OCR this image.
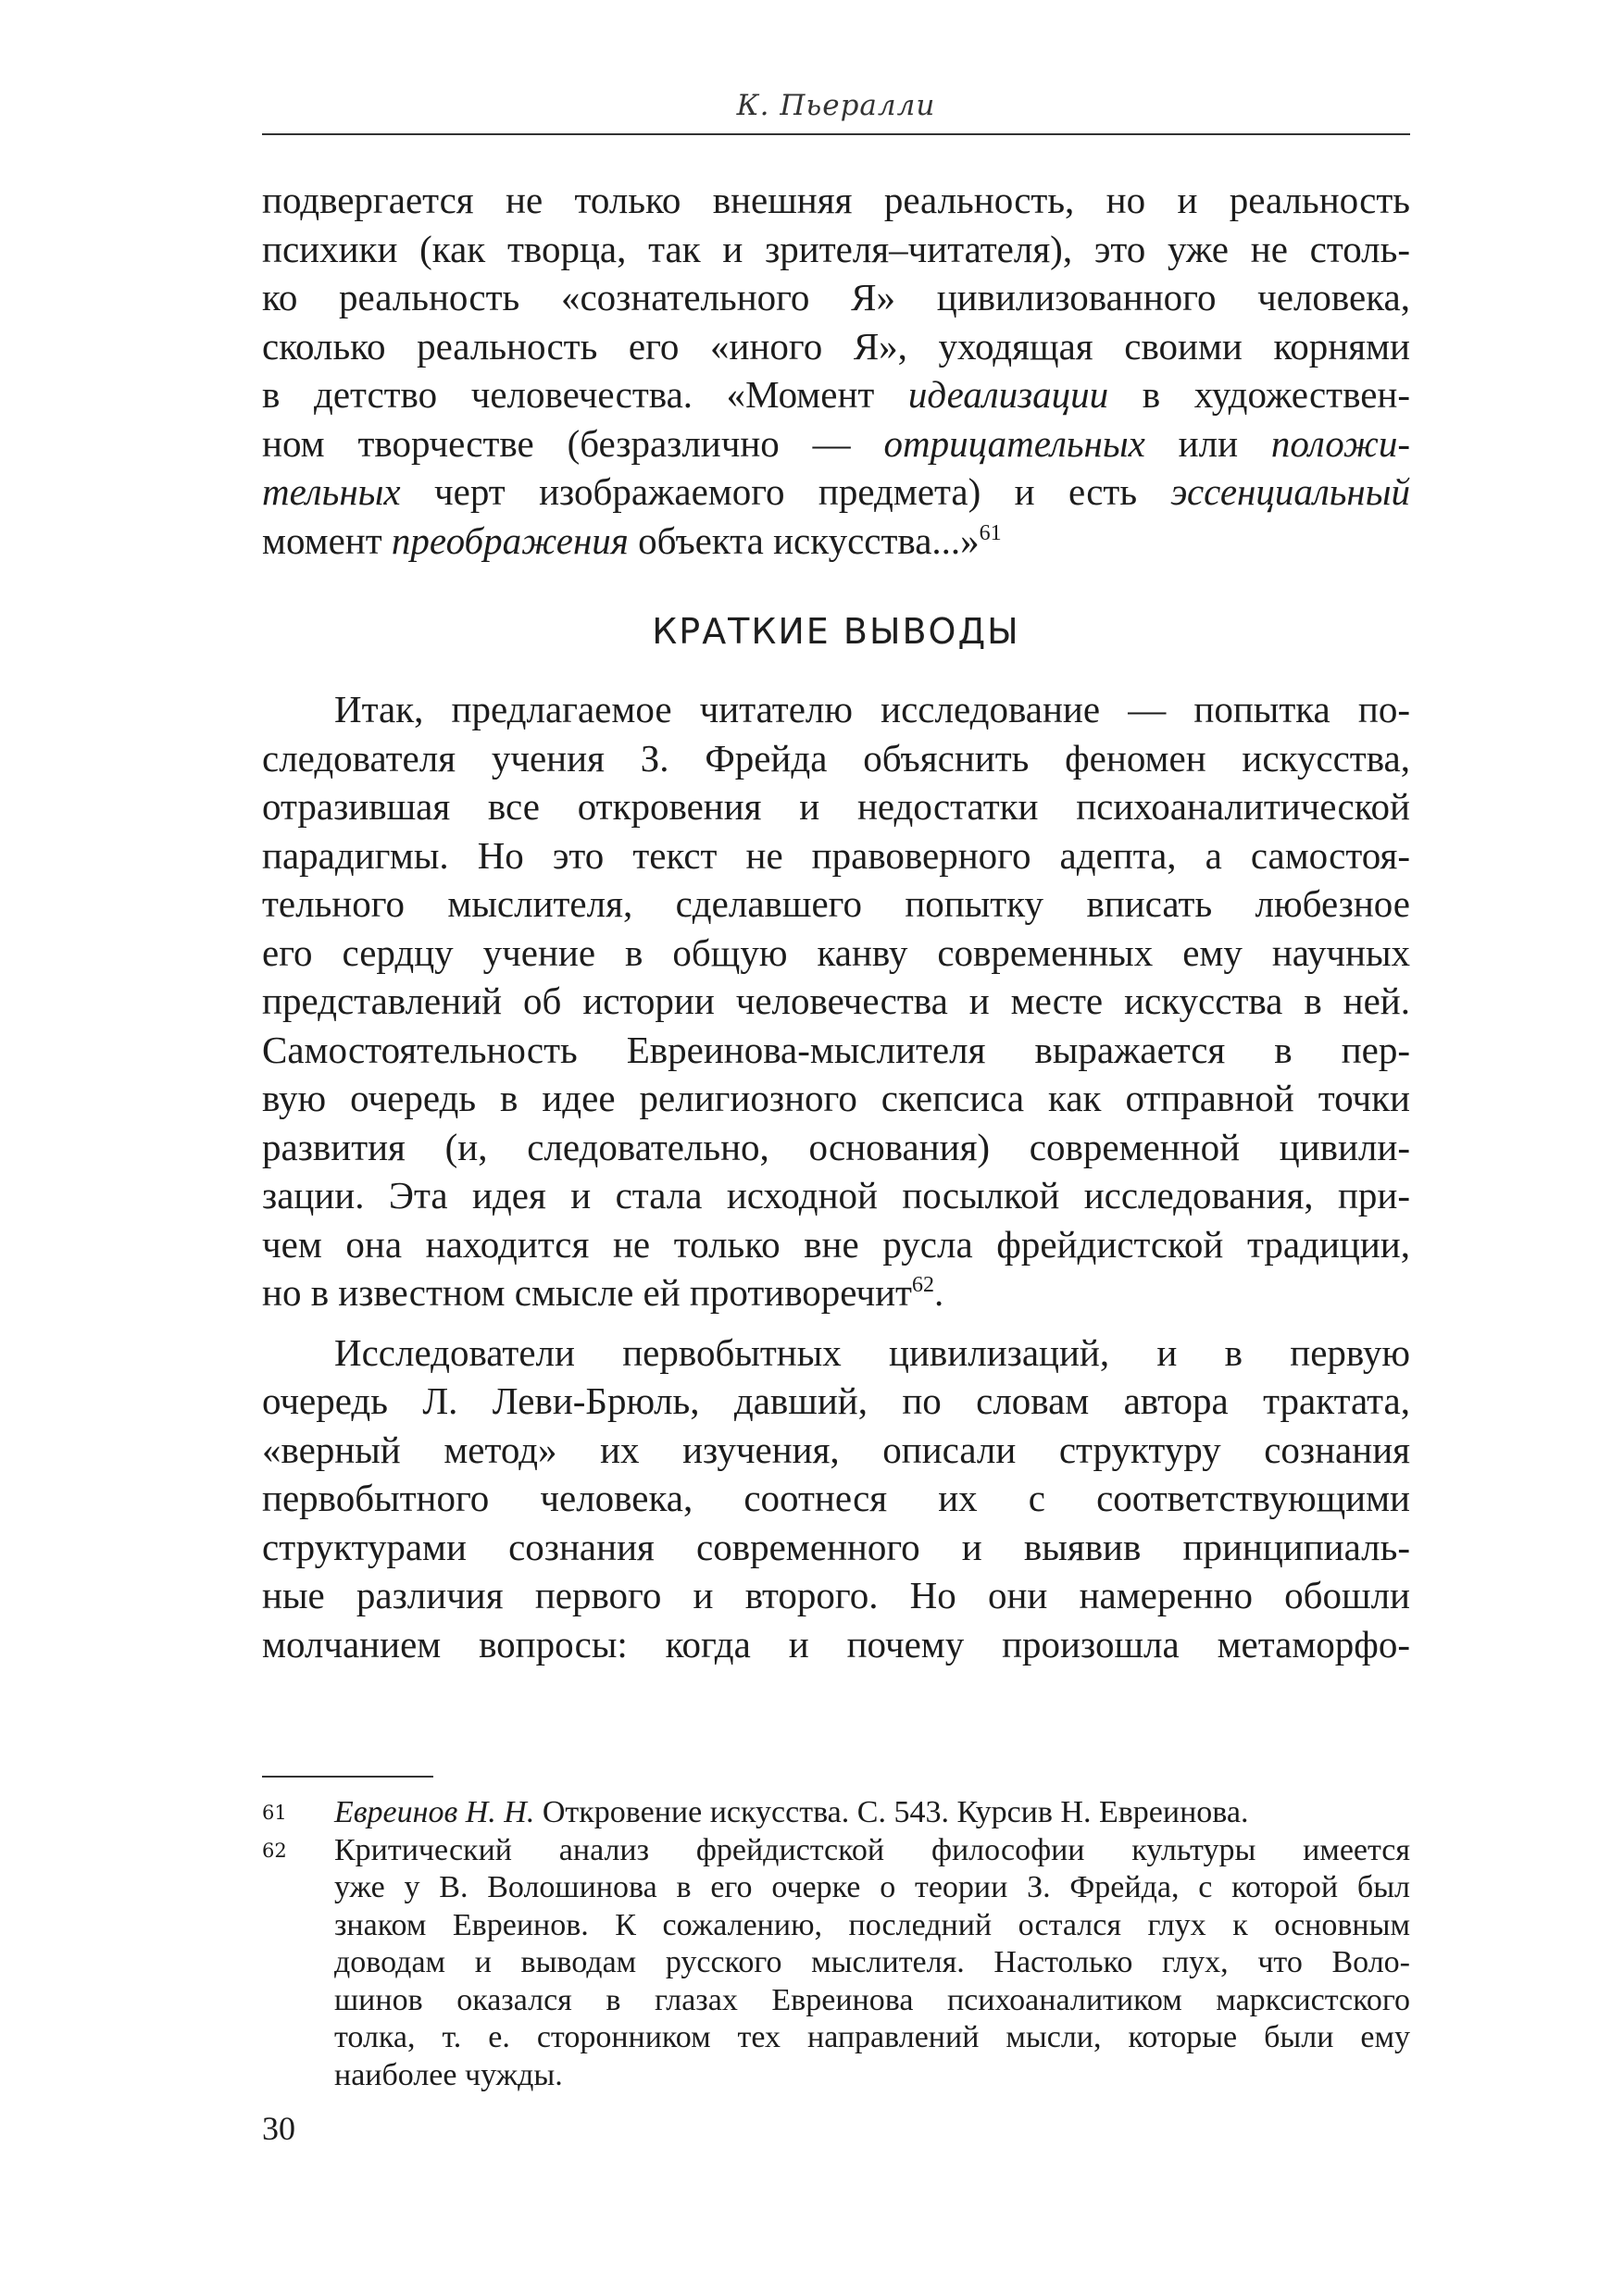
К. Пьералли
подвергается не только внешняя реальность, но и реальность
психики (как творца, так и зрителя–читателя), это уже не столь-
ко реальность «сознательного Я» цивилизованного человека,
сколько реальность его «иного Я», уходящая своими корнями
в детство человечества. «Момент идеализации в художествен-
ном творчестве (безразлично — отрицательных или положи-
тельных черт изображаемого предмета) и есть эссенциальный
момент преображения объекта искусства...»$^{61}$
КРАТКИЕ ВЫВОДЫ
Итак, предлагаемое читателю исследование — попытка по-
следователя учения З. Фрейда объяснить феномен искусства,
отразившая все откровения и недостатки психоаналитической
парадигмы. Но это текст не правоверного адепта, а самостоя-
тельного мыслителя, сделавшего попытку вписать любезное
его сердцу учение в общую канву современных ему научных
представлений об истории человечества и месте искусства в ней.
Самостоятельность Евреинова-мыслителя выражается в пер-
вую очередь в идее религиозного скепсиса как отправной точки
развития (и, следовательно, основания) современной цивили-
зации. Эта идея и стала исходной посылкой исследования, при-
чем она находится не только вне русла фрейдистской традиции,
но в известном смысле ей противоречит$^{62}$.
Исследователи первобытных цивилизаций, и в первую
очередь Л. Леви-Брюль, давший, по словам автора трактата,
«верный метод» их изучения, описали структуру сознания
первобытного человека, соотнеся их с соответствующими
структурами сознания современного и выявив принципиаль-
ные различия первого и второго. Но они намеренно обошли
молчанием вопросы: когда и почему произошла метаморфо-
61 Евреинов Н. Н. Откровение искусства. С. 543. Курсив Н. Евреинова.
62 Критический анализ фрейдистской философии культуры имеется
уже у В. Волошинова в его очерке о теории З. Фрейда, с которой был
знаком Евреинов. К сожалению, последний остался глух к основным
доводам и выводам русского мыслителя. Настолько глух, что Воло-
шинов оказался в глазах Евреинова психоаналитиком марксистского
толка, т. е. сторонником тех направлений мысли, которые были ему
наиболее чужды.
30
